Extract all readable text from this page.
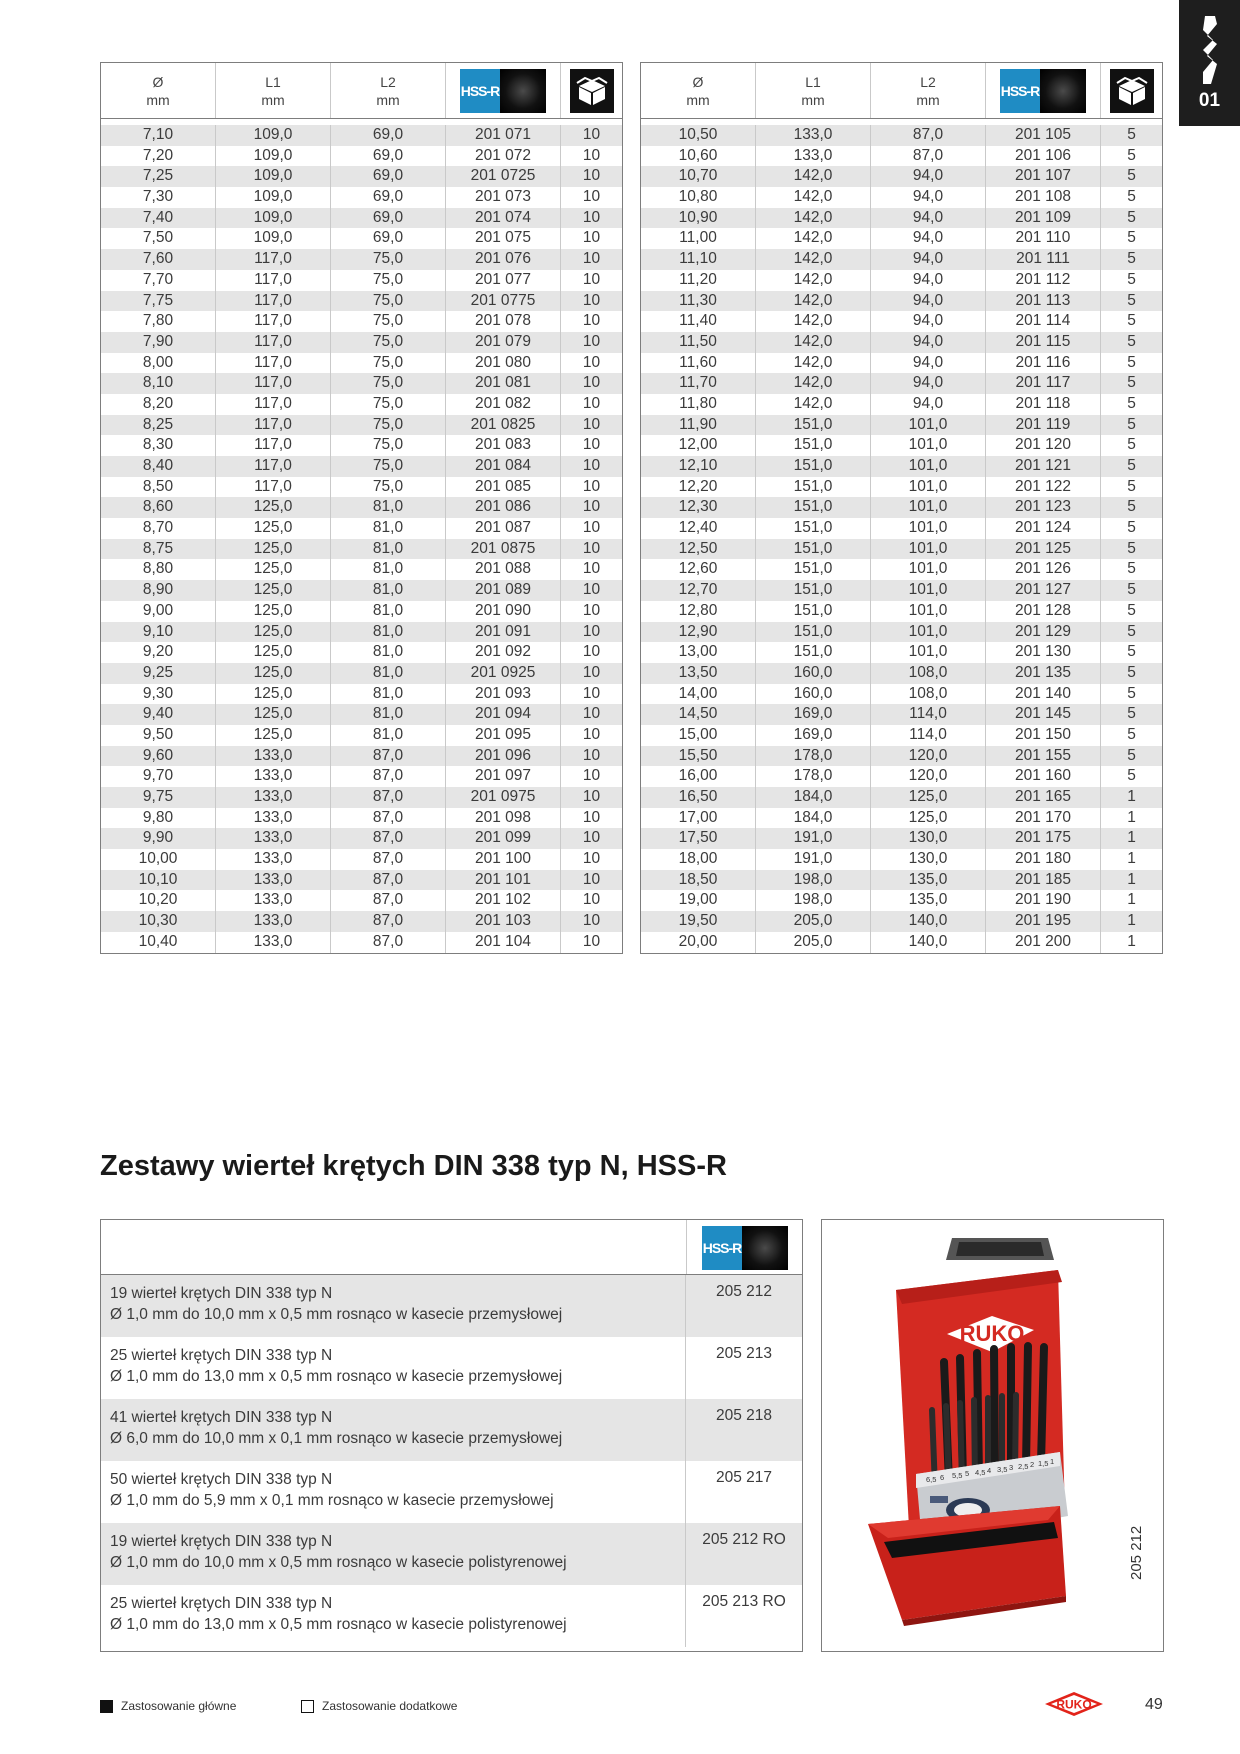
01
Ø
mm
L1
mm
L2
mm
HSS-R
7,10	109,0	69,0	201 071	10
7,20	109,0	69,0	201 072	10
7,25	109,0	69,0	201 0725	10
7,30	109,0	69,0	201 073	10
7,40	109,0	69,0	201 074	10
7,50	109,0	69,0	201 075	10
7,60	117,0	75,0	201 076	10
7,70	117,0	75,0	201 077	10
7,75	117,0	75,0	201 0775	10
7,80	117,0	75,0	201 078	10
7,90	117,0	75,0	201 079	10
8,00	117,0	75,0	201 080	10
8,10	117,0	75,0	201 081	10
8,20	117,0	75,0	201 082	10
8,25	117,0	75,0	201 0825	10
8,30	117,0	75,0	201 083	10
8,40	117,0	75,0	201 084	10
8,50	117,0	75,0	201 085	10
8,60	125,0	81,0	201 086	10
8,70	125,0	81,0	201 087	10
8,75	125,0	81,0	201 0875	10
8,80	125,0	81,0	201 088	10
8,90	125,0	81,0	201 089	10
9,00	125,0	81,0	201 090	10
9,10	125,0	81,0	201 091	10
9,20	125,0	81,0	201 092	10
9,25	125,0	81,0	201 0925	10
9,30	125,0	81,0	201 093	10
9,40	125,0	81,0	201 094	10
9,50	125,0	81,0	201 095	10
9,60	133,0	87,0	201 096	10
9,70	133,0	87,0	201 097	10
9,75	133,0	87,0	201 0975	10
9,80	133,0	87,0	201 098	10
9,90	133,0	87,0	201 099	10
10,00	133,0	87,0	201 100	10
10,10	133,0	87,0	201 101	10
10,20	133,0	87,0	201 102	10
10,30	133,0	87,0	201 103	10
10,40	133,0	87,0	201 104	10
Ø
mm
L1
mm
L2
mm
HSS-R
10,50	133,0	87,0	201 105	5
10,60	133,0	87,0	201 106	5
10,70	142,0	94,0	201 107	5
10,80	142,0	94,0	201 108	5
10,90	142,0	94,0	201 109	5
11,00	142,0	94,0	201 110	5
11,10	142,0	94,0	201 111	5
11,20	142,0	94,0	201 112	5
11,30	142,0	94,0	201 113	5
11,40	142,0	94,0	201 114	5
11,50	142,0	94,0	201 115	5
11,60	142,0	94,0	201 116	5
11,70	142,0	94,0	201 117	5
11,80	142,0	94,0	201 118	5
11,90	151,0	101,0	201 119	5
12,00	151,0	101,0	201 120	5
12,10	151,0	101,0	201 121	5
12,20	151,0	101,0	201 122	5
12,30	151,0	101,0	201 123	5
12,40	151,0	101,0	201 124	5
12,50	151,0	101,0	201 125	5
12,60	151,0	101,0	201 126	5
12,70	151,0	101,0	201 127	5
12,80	151,0	101,0	201 128	5
12,90	151,0	101,0	201 129	5
13,00	151,0	101,0	201 130	5
13,50	160,0	108,0	201 135	5
14,00	160,0	108,0	201 140	5
14,50	169,0	114,0	201 145	5
15,00	169,0	114,0	201 150	5
15,50	178,0	120,0	201 155	5
16,00	178,0	120,0	201 160	5
16,50	184,0	125,0	201 165	1
17,00	184,0	125,0	201 170	1
17,50	191,0	130,0	201 175	1
18,00	191,0	130,0	201 180	1
18,50	198,0	135,0	201 185	1
19,00	198,0	135,0	201 190	1
19,50	205,0	140,0	201 195	1
20,00	205,0	140,0	201 200	1
Zestawy wierteł krętych DIN 338 typ N, HSS-R
HSS-R
19 wierteł krętych DIN 338 typ N
Ø 1,0 mm do 10,0 mm x 0,5 mm rosnąco w kasecie przemysłowej
205 212
25 wierteł krętych DIN 338 typ N
Ø 1,0 mm do 13,0 mm x 0,5 mm rosnąco w kasecie przemysłowej
205 213
41 wierteł krętych DIN 338 typ N
Ø 6,0 mm do 10,0 mm x 0,1 mm rosnąco w kasecie przemysłowej
205 218
50 wierteł krętych DIN 338 typ N
Ø 1,0 mm do 5,9 mm x 0,1 mm rosnąco w kasecie przemysłowej
205 217
19 wierteł krętych DIN 338 typ N
Ø 1,0 mm do 10,0 mm x 0,5 mm rosnąco w kasecie polistyrenowej
205 212 RO
25 wierteł krętych DIN 338 typ N
Ø 1,0 mm do 13,0 mm x 0,5 mm rosnąco w kasecie polistyrenowej
205 213 RO
RUKO
6,5 6 5,5 5 4,5 4 3,5 3 2,5 2 1,5 1
205 212
Zastosowanie główne	Zastosowanie dodatkowe	RUKO	49
